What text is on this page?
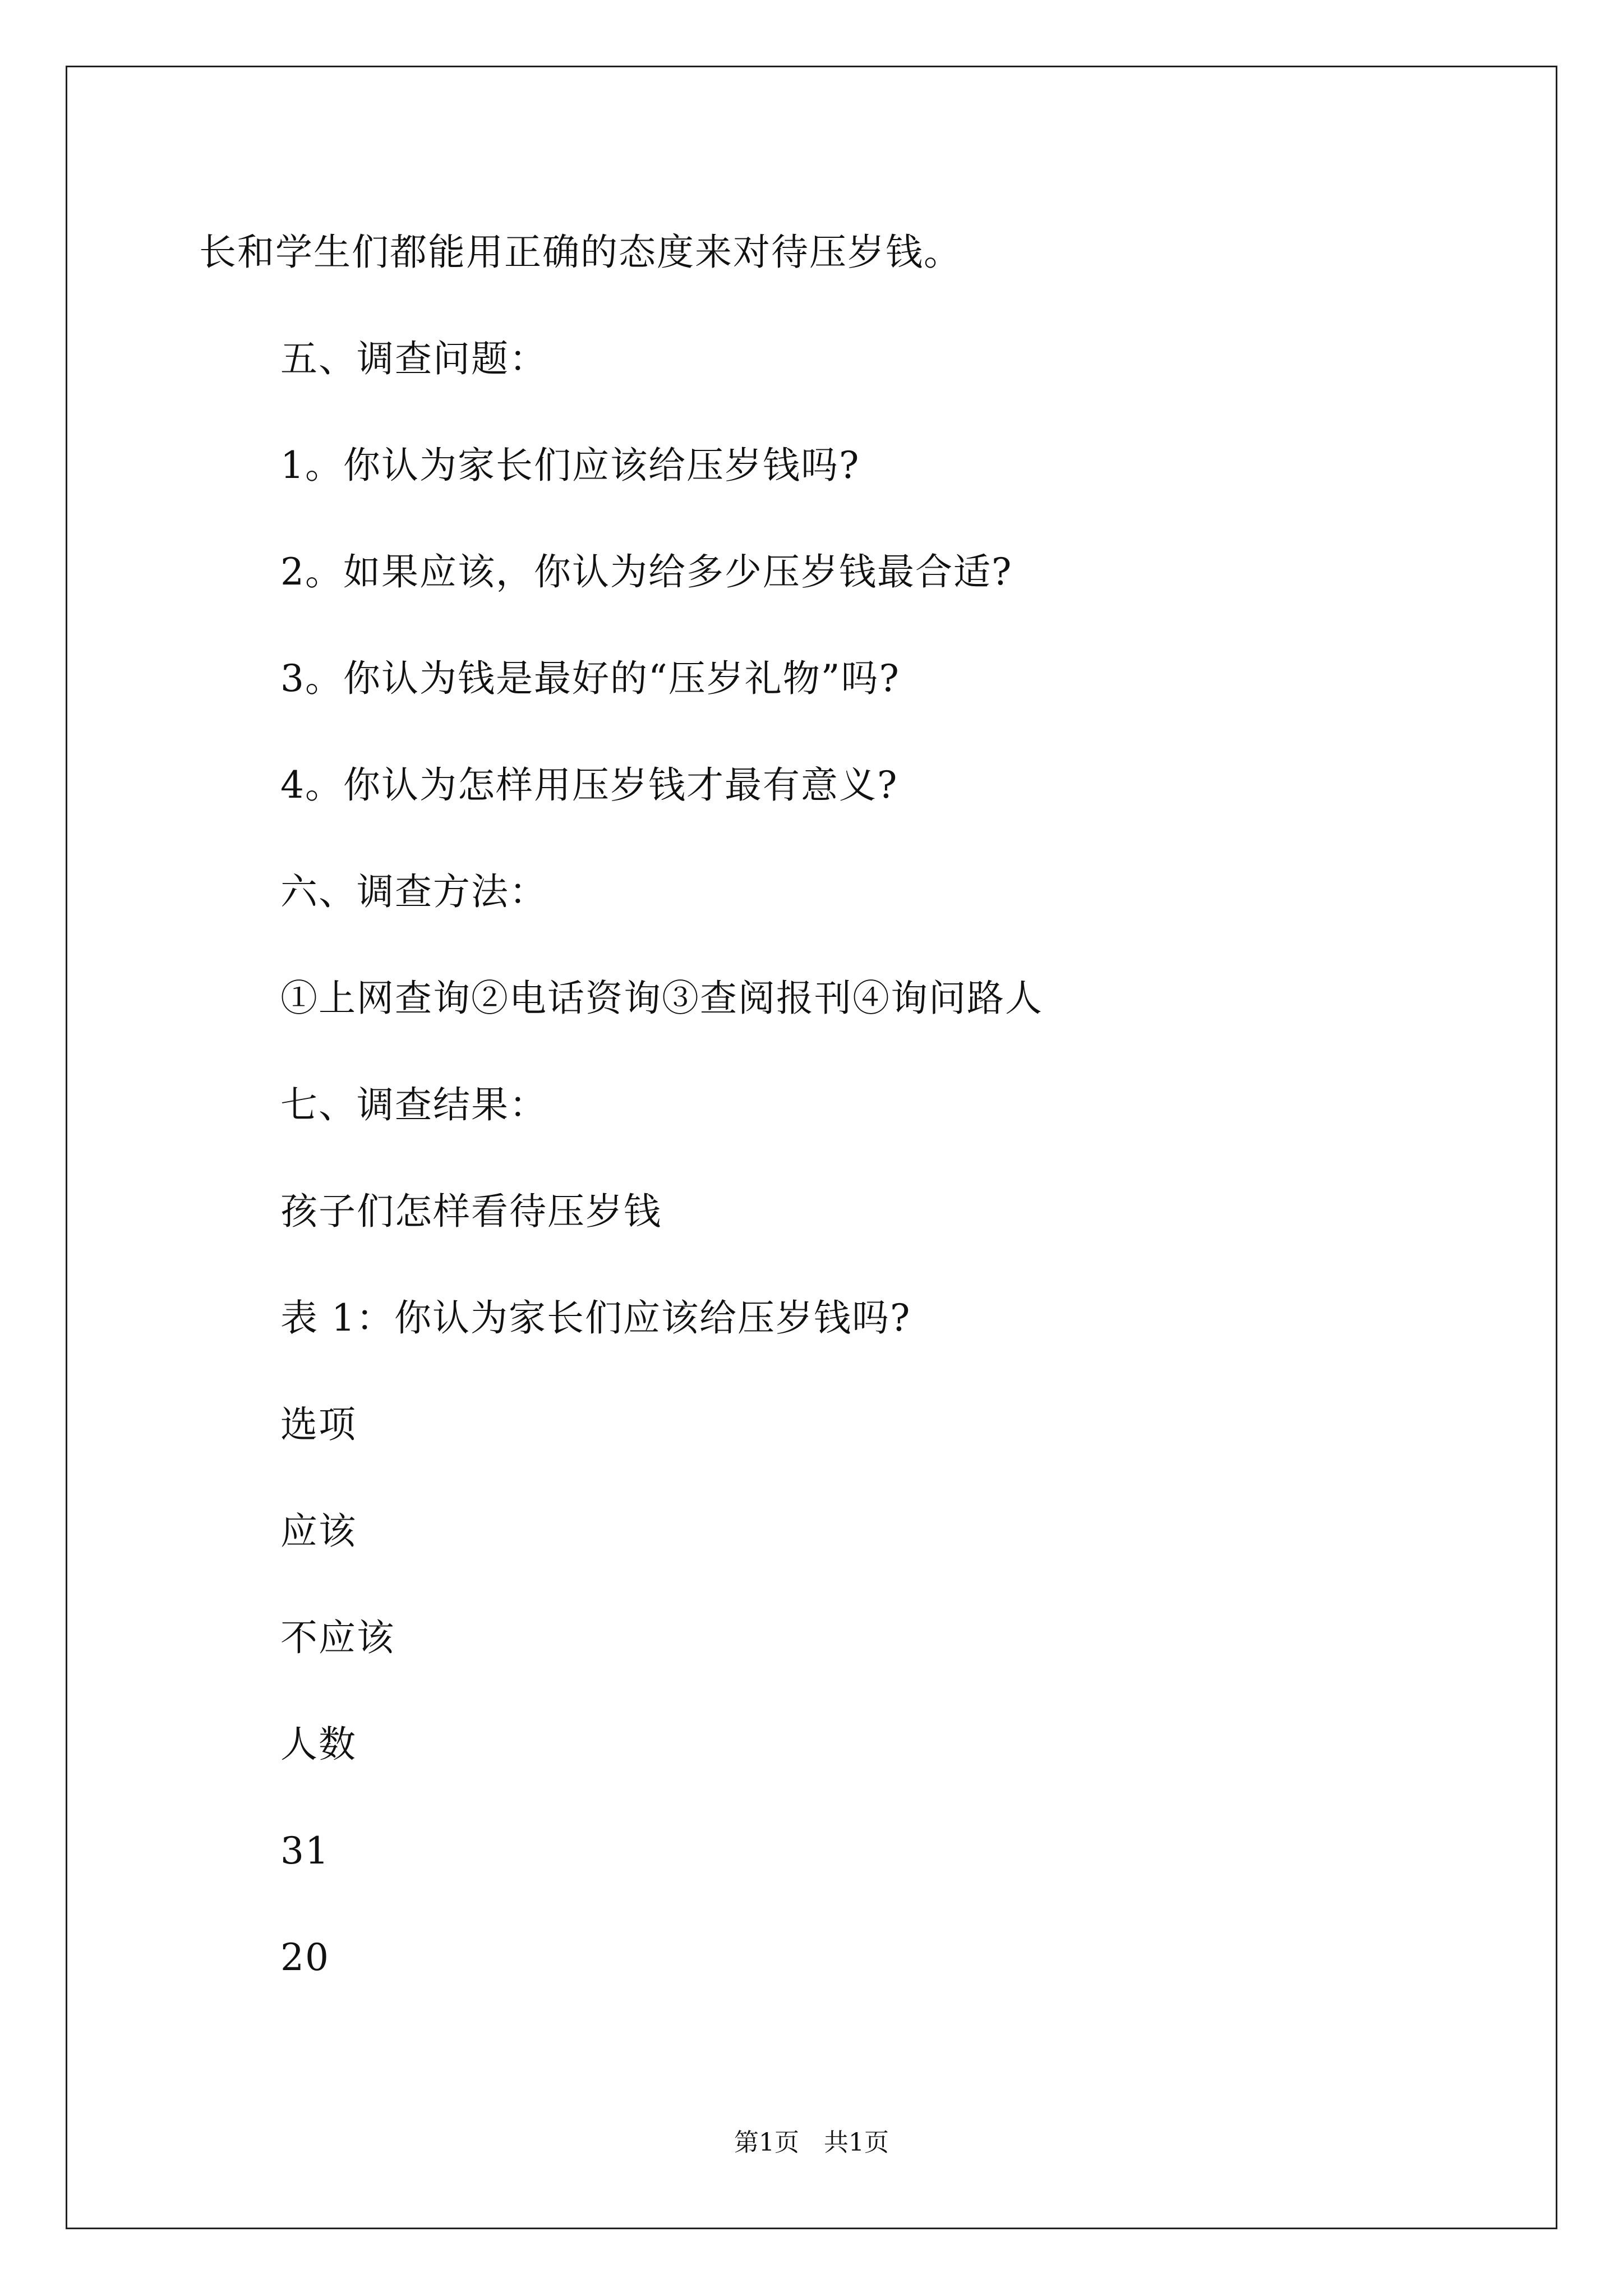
长和学生们都能用正确的态度来对待压岁钱。
五、调查问题：
1。你认为家长们应该给压岁钱吗?
2。如果应该，你认为给多少压岁钱最合适?
3。你认为钱是最好的“压岁礼物”吗?
4。你认为怎样用压岁钱才最有意义?
六、调查方法：
①上网查询②电话资询③查阅报刊④询问路人
七、调查结果：
孩子们怎样看待压岁钱
表 1：你认为家长们应该给压岁钱吗?
选项
应该
不应该
人数
31
20
第1页　共1页
